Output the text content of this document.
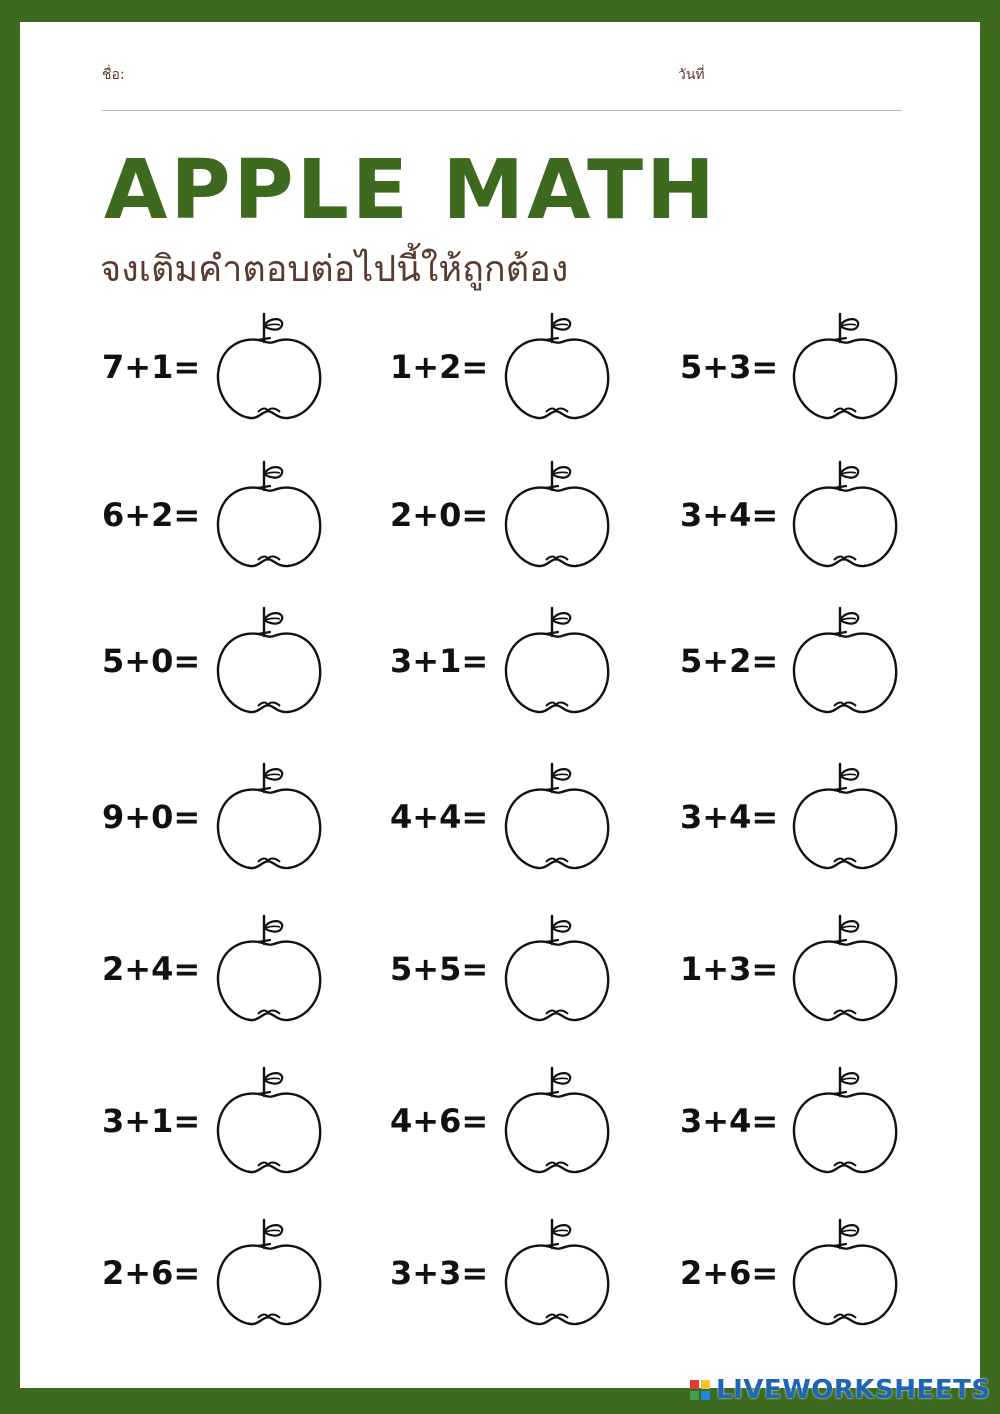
ชื่อ:	วันที่
APPLE MATH
จงเติมคำตอบต่อไปนี้ให้ถูกต้อง
7+1=	1+2=	5+3=
6+2=	2+0=	3+4=
5+0=	3+1=	5+2=
9+0=	4+4=	3+4=
2+4=	5+5=	1+3=
3+1=	4+6=	3+4=
2+6=	3+3=	2+6=
LIVEWORKSHEETS
